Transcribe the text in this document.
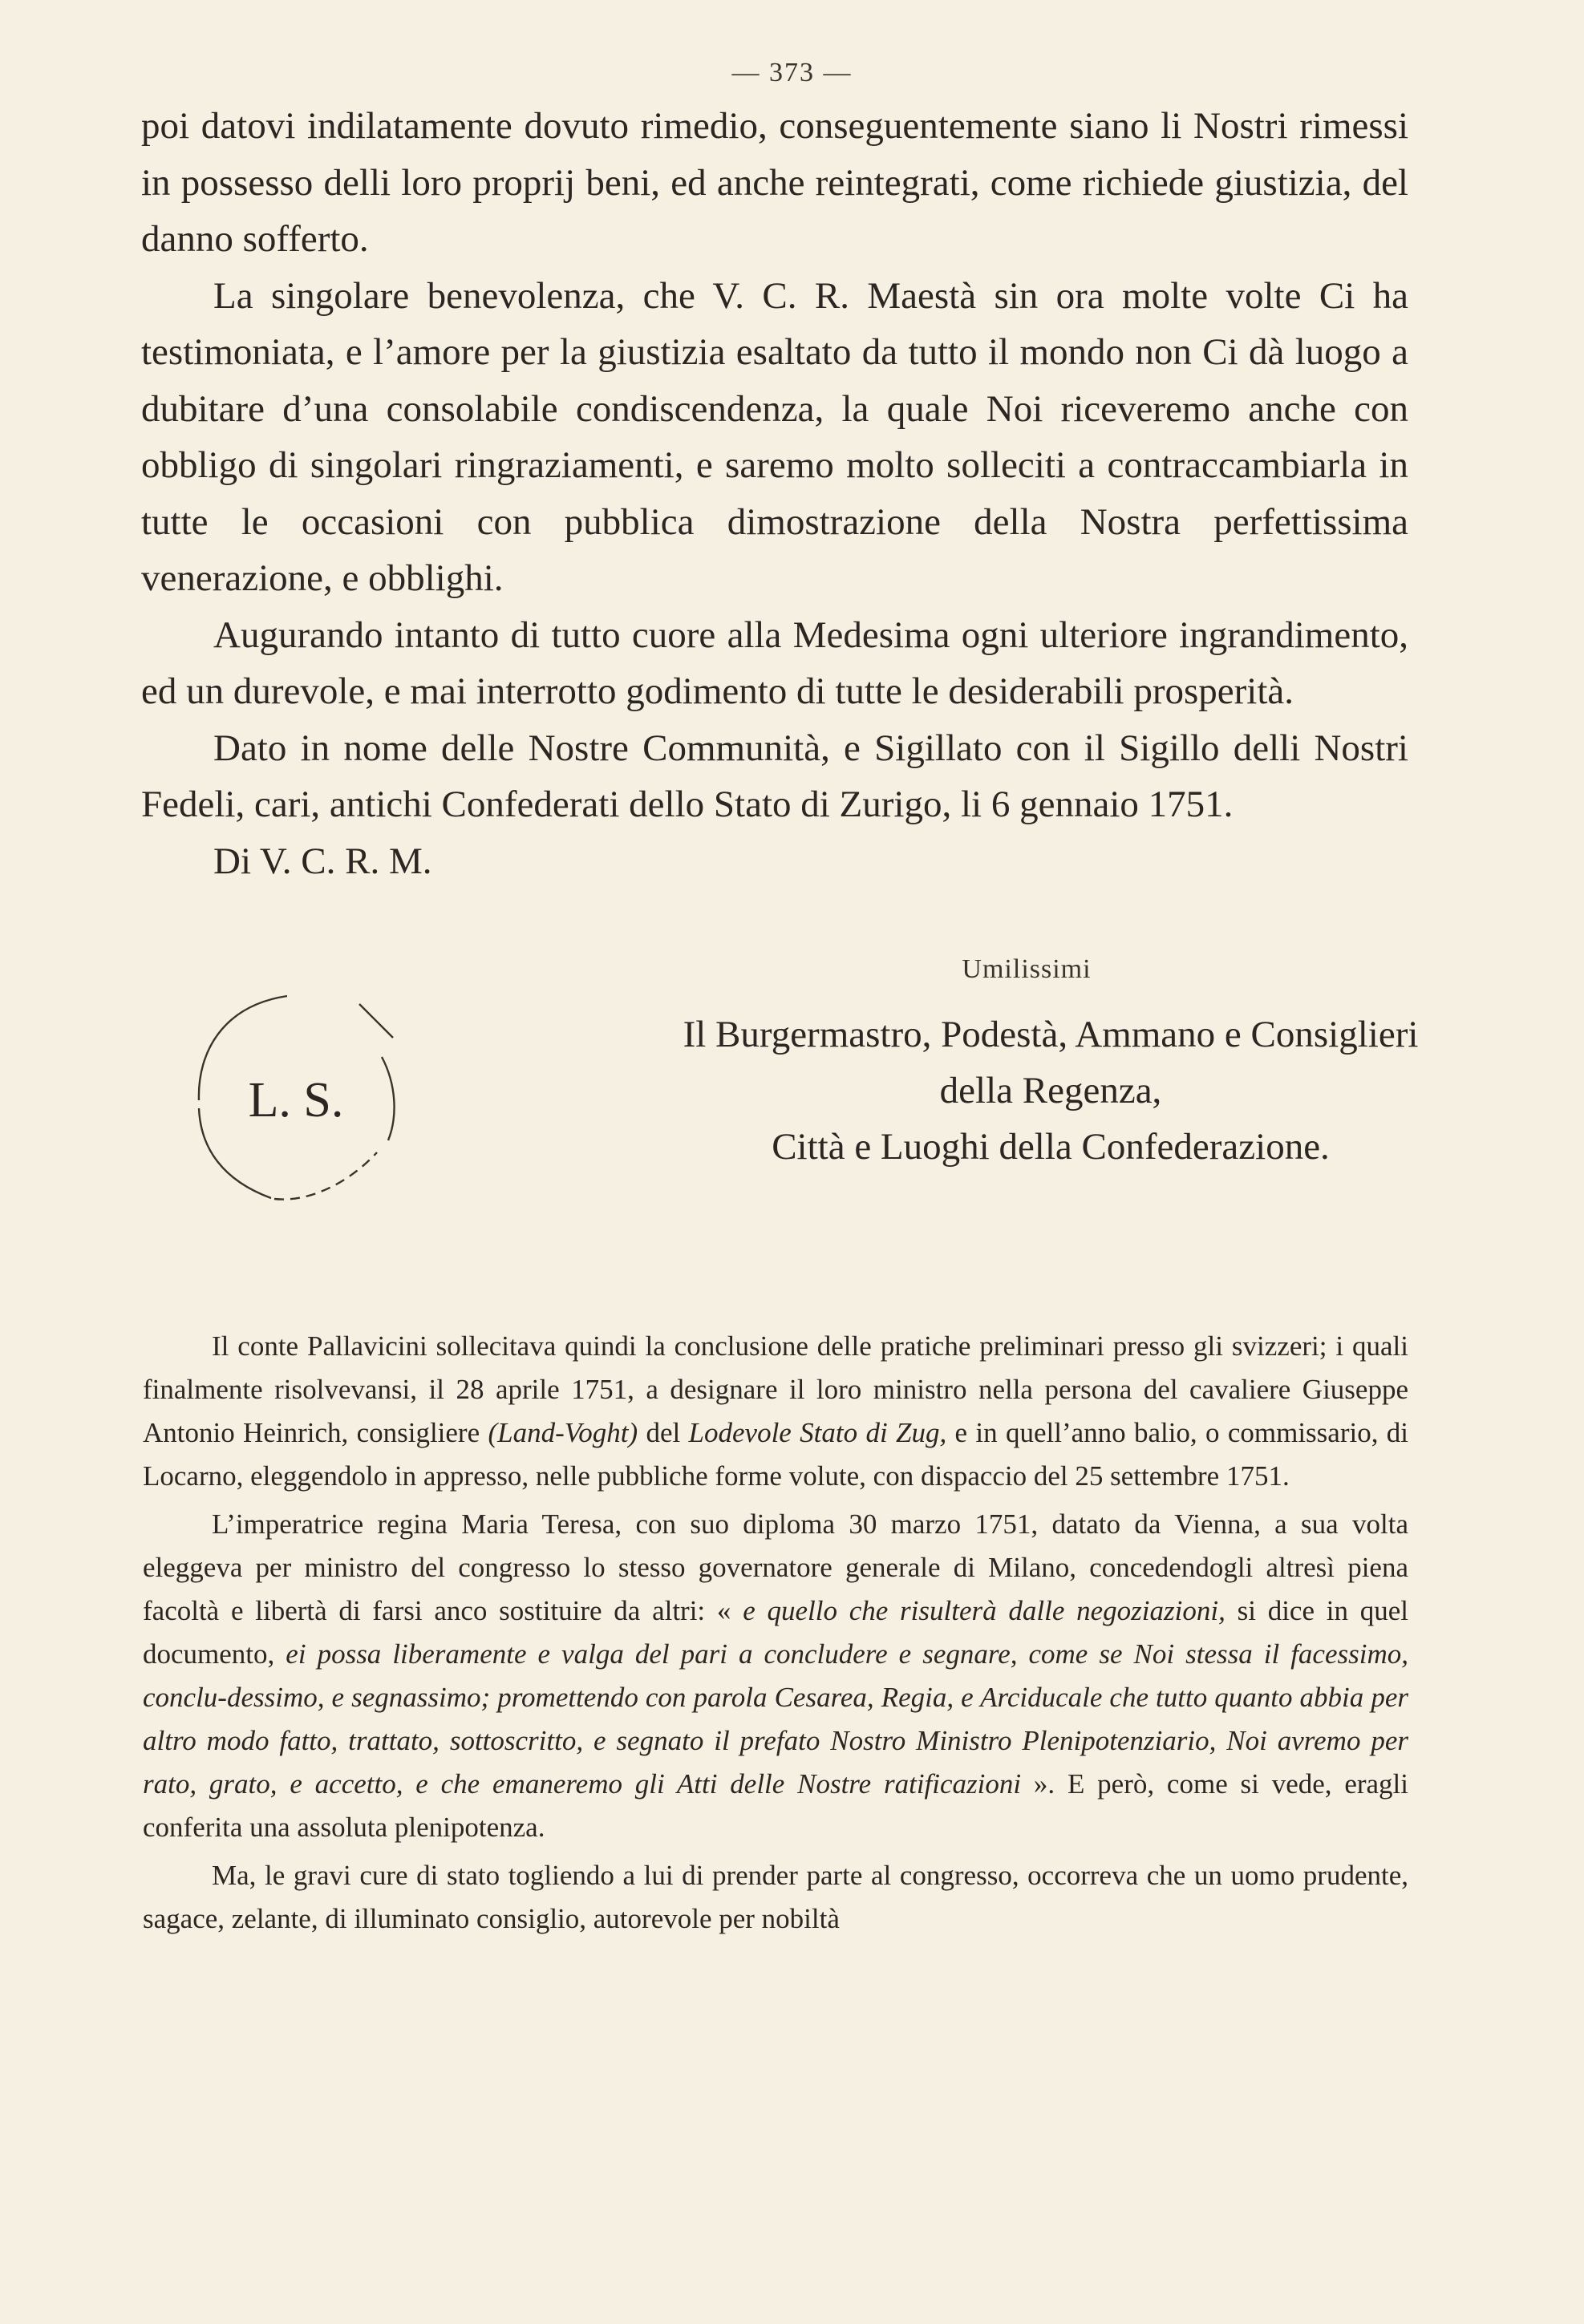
— 373 —

poi datovi indilatamente dovuto rimedio, conseguentemente siano li Nostri rimessi in possesso delli loro proprij beni, ed anche reintegrati, come richiede giustizia, del danno sofferto.

La singolare benevolenza, che V. C. R. Maestà sin ora molte volte Ci ha testimoniata, e l’amore per la giustizia esaltato da tutto il mondo non Ci dà luogo a dubitare d’una consolabile condiscendenza, la quale Noi riceveremo anche con obbligo di singolari ringraziamenti, e saremo molto solleciti a contraccambiarla in tutte le occasioni con pubblica dimostrazione della Nostra perfettissima venerazione, e obblighi.

Augurando intanto di tutto cuore alla Medesima ogni ulteriore ingrandimento, ed un durevole, e mai interrotto godimento di tutte le desiderabili prosperità.

Dato in nome delle Nostre Communità, e Sigillato con il Sigillo delli Nostri Fedeli, cari, antichi Confederati dello Stato di Zurigo, li 6 gennaio 1751.

Di V. C. R. M.

Umilissimi
Il Burgermastro, Podestà, Ammano e Consiglieri
della Regenza,
Città e Luoghi della Confederazione.
L. S.

Il conte Pallavicini sollecitava quindi la conclusione delle pratiche preliminari presso gli svizzeri; i quali finalmente risolvevansi, il 28 aprile 1751, a designare il loro ministro nella persona del cavaliere Giuseppe Antonio Heinrich, consigliere (Land-Voght) del Lodevole Stato di Zug, e in quell’anno balio, o commissario, di Locarno, eleggendolo in appresso, nelle pubbliche forme volute, con dispaccio del 25 settembre 1751.

L’imperatrice regina Maria Teresa, con suo diploma 30 marzo 1751, datato da Vienna, a sua volta eleggeva per ministro del congresso lo stesso governatore generale di Milano, concedendogli altresì piena facoltà e libertà di farsi anco sostituire da altri: « e quello che risulterà dalle negoziazioni, si dice in quel documento, ei possa liberamente e valga del pari a concludere e segnare, come se Noi stessa il facessimo, conclu-dessimo, e segnassimo; promettendo con parola Cesarea, Regia, e Arciducale che tutto quanto abbia per altro modo fatto, trattato, sottoscritto, e segnato il prefato Nostro Ministro Plenipotenziario, Noi avremo per rato, grato, e accetto, e che emaneremo gli Atti delle Nostre ratificazioni ». E però, come si vede, eragli conferita una assoluta plenipotenza.

Ma, le gravi cure di stato togliendo a lui di prender parte al congresso, occorreva che un uomo prudente, sagace, zelante, di illuminato consiglio, autorevole per nobiltà
